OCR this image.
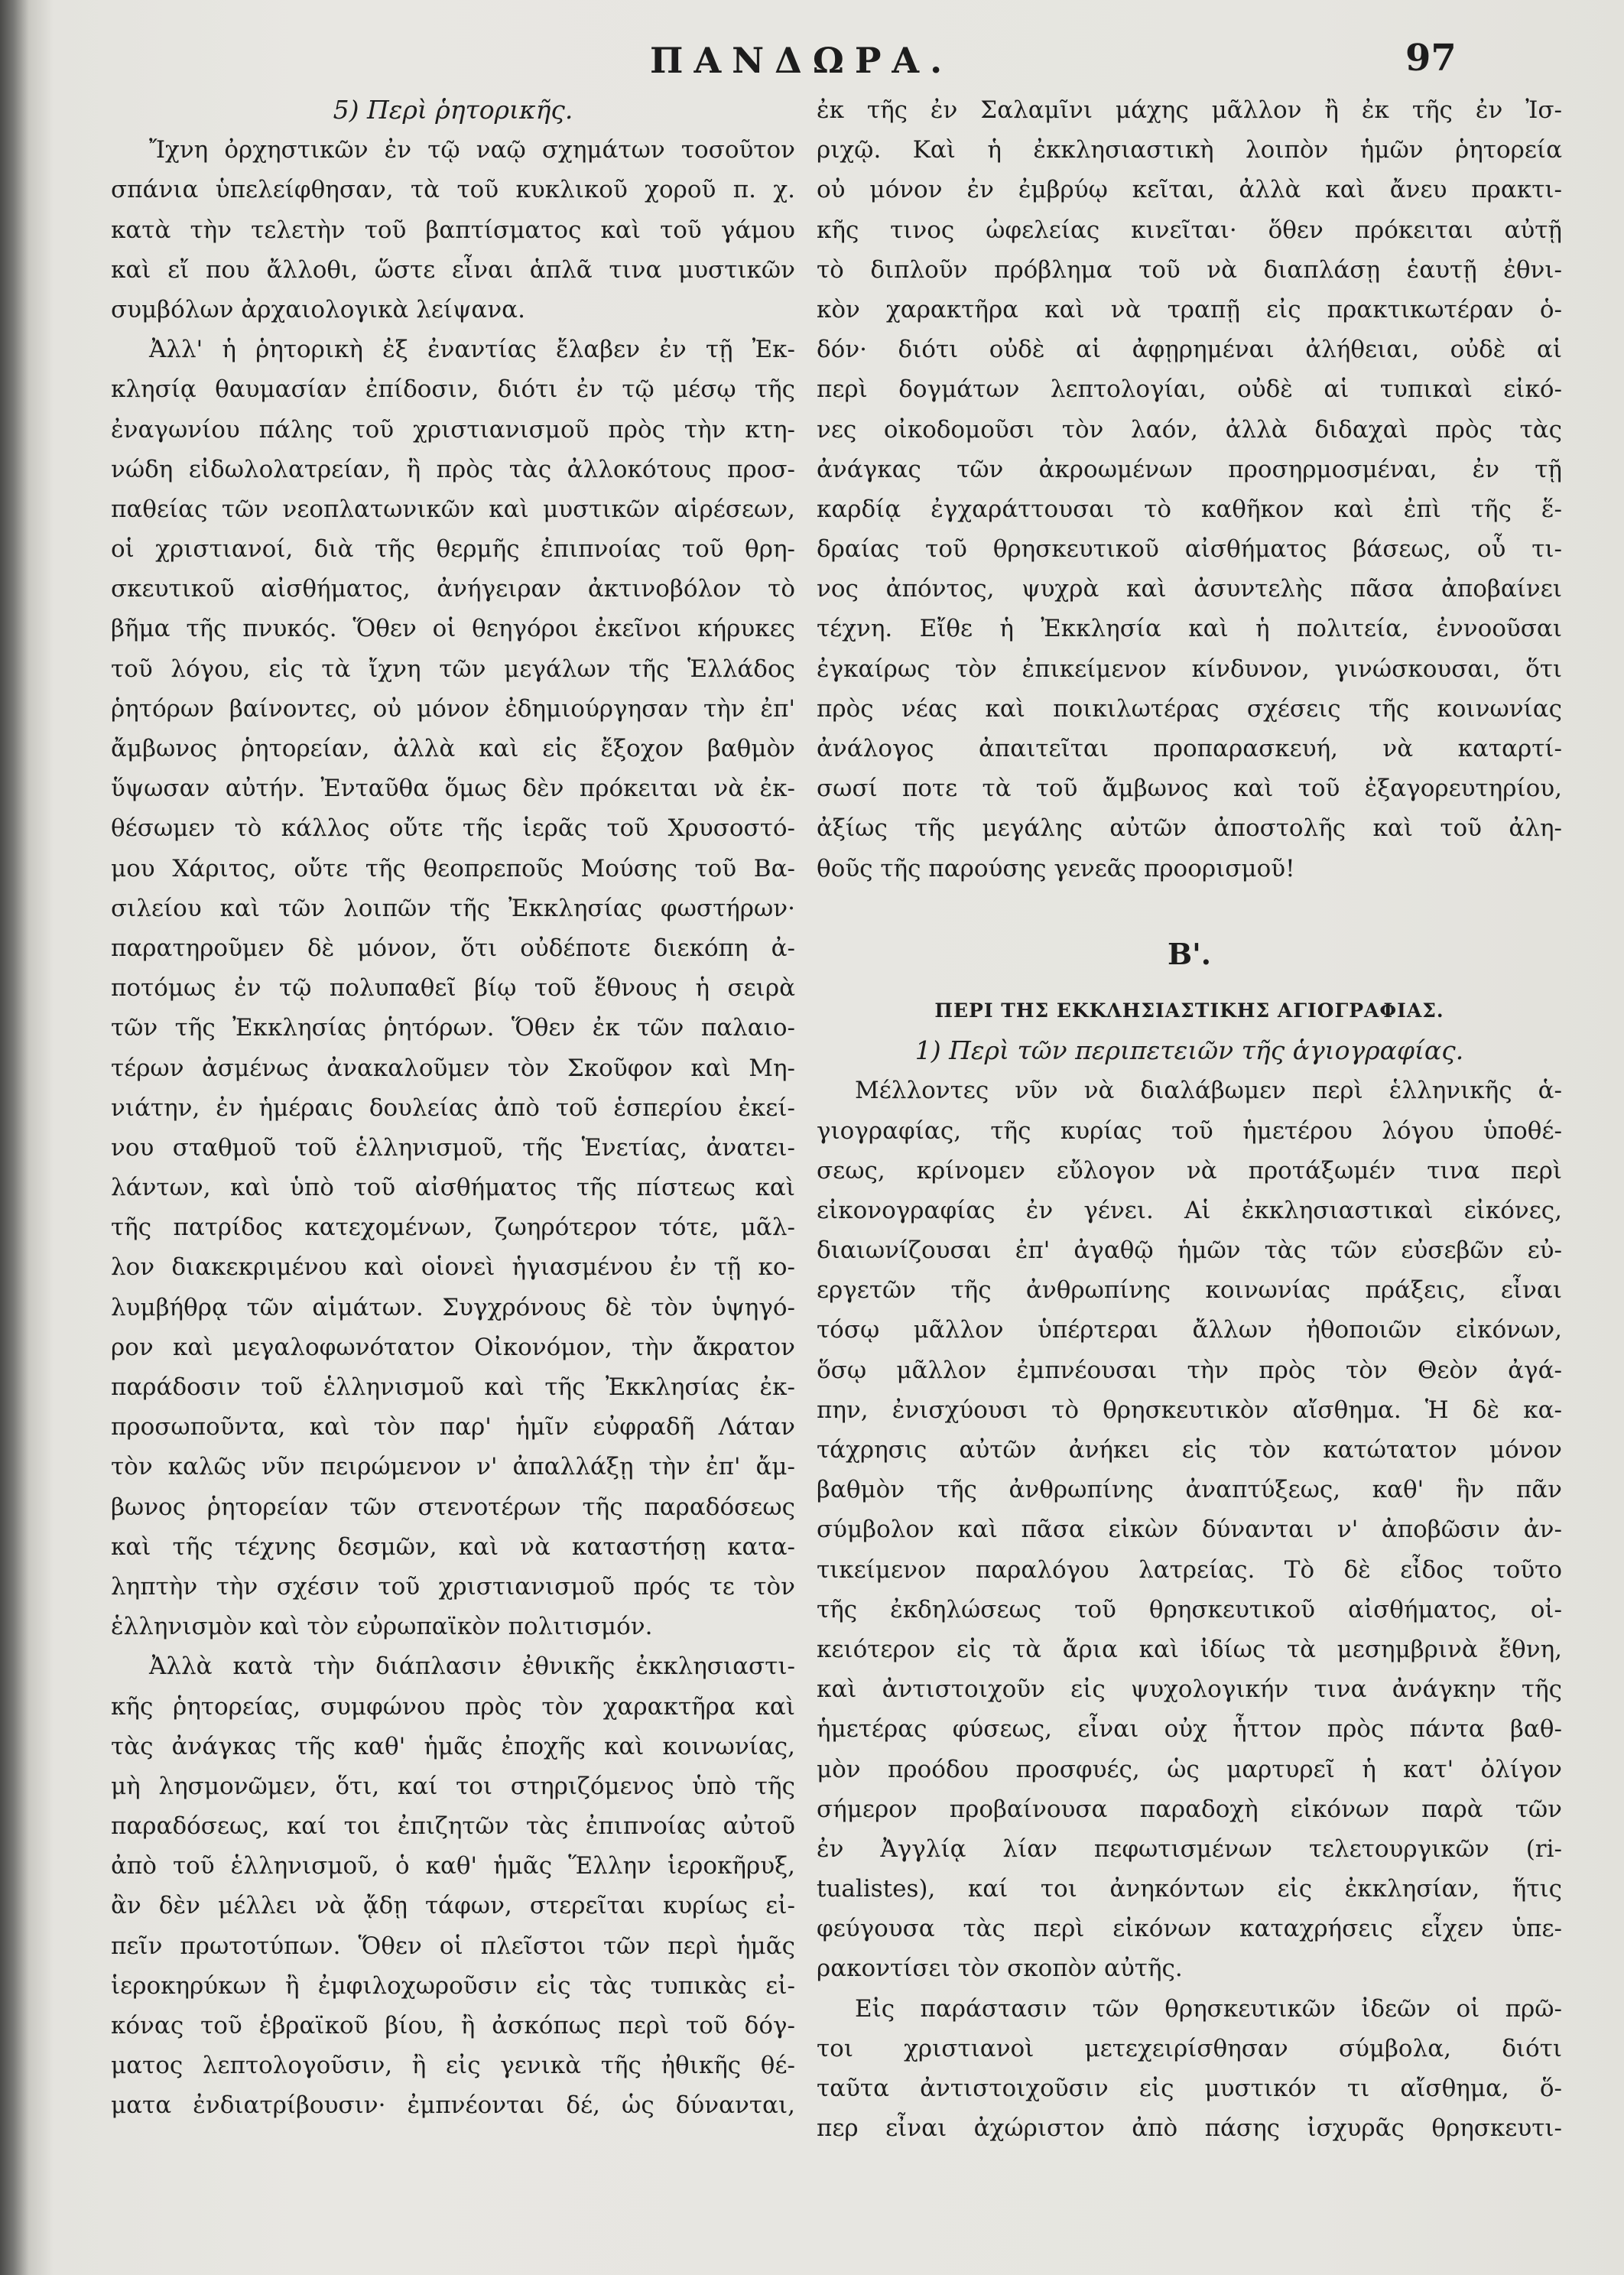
ΠΑΝΔΩΡΑ.	97
5) Περὶ ῥητορικῆς.
Ἴχνη ὀρχηστικῶν ἐν τῷ ναῷ σχημάτων τοσοῦτον
σπάνια ὑπελείφθησαν, τὰ τοῦ κυκλικοῦ χοροῦ π. χ.
κατὰ τὴν τελετὴν τοῦ βαπτίσματος καὶ τοῦ γάμου
καὶ εἴ που ἄλλοθι, ὥστε εἶναι ἁπλᾶ τινα μυστικῶν
συμβόλων ἀρχαιολογικὰ λείψανα.
Ἀλλ' ἡ ῥητορικὴ ἐξ ἐναντίας ἔλαβεν ἐν τῇ Ἐκ-
κλησίᾳ θαυμασίαν ἐπίδοσιν, διότι ἐν τῷ μέσῳ τῆς
ἐναγωνίου πάλης τοῦ χριστιανισμοῦ πρὸς τὴν κτη-
νώδη εἰδωλολατρείαν, ἢ πρὸς τὰς ἀλλοκότους προσ-
παθείας τῶν νεοπλατωνικῶν καὶ μυστικῶν αἱρέσεων,
οἱ χριστιανοί, διὰ τῆς θερμῆς ἐπιπνοίας τοῦ θρη-
σκευτικοῦ αἰσθήματος, ἀνήγειραν ἀκτινοβόλον τὸ
βῆμα τῆς πνυκός. Ὅθεν οἱ θεηγόροι ἐκεῖνοι κήρυκες
τοῦ λόγου, εἰς τὰ ἴχνη τῶν μεγάλων τῆς Ἑλλάδος
ῥητόρων βαίνοντες, οὐ μόνον ἐδημιούργησαν τὴν ἐπ'
ἄμβωνος ῥητορείαν, ἀλλὰ καὶ εἰς ἔξοχον βαθμὸν
ὕψωσαν αὐτήν. Ἐνταῦθα ὅμως δὲν πρόκειται νὰ ἐκ-
θέσωμεν τὸ κάλλος οὔτε τῆς ἱερᾶς τοῦ Χρυσοστό-
μου Χάριτος, οὔτε τῆς θεοπρεποῦς Μούσης τοῦ Βα-
σιλείου καὶ τῶν λοιπῶν τῆς Ἐκκλησίας φωστήρων·
παρατηροῦμεν δὲ μόνον, ὅτι οὐδέποτε διεκόπη ἀ-
ποτόμως ἐν τῷ πολυπαθεῖ βίῳ τοῦ ἔθνους ἡ σειρὰ
τῶν τῆς Ἐκκλησίας ῥητόρων. Ὅθεν ἐκ τῶν παλαιο-
τέρων ἀσμένως ἀνακαλοῦμεν τὸν Σκοῦφον καὶ Μη-
νιάτην, ἐν ἡμέραις δουλείας ἀπὸ τοῦ ἑσπερίου ἐκεί-
νου σταθμοῦ τοῦ ἑλληνισμοῦ, τῆς Ἑνετίας, ἀνατει-
λάντων, καὶ ὑπὸ τοῦ αἰσθήματος τῆς πίστεως καὶ
τῆς πατρίδος κατεχομένων, ζωηρότερον τότε, μᾶλ-
λον διακεκριμένου καὶ οἱονεὶ ἡγιασμένου ἐν τῇ κο-
λυμβήθρᾳ τῶν αἱμάτων. Συγχρόνους δὲ τὸν ὑψηγό-
ρον καὶ μεγαλοφωνότατον Οἰκονόμον, τὴν ἄκρατον
παράδοσιν τοῦ ἑλληνισμοῦ καὶ τῆς Ἐκκλησίας ἐκ-
προσωποῦντα, καὶ τὸν παρ' ἡμῖν εὐφραδῆ Λάταν
τὸν καλῶς νῦν πειρώμενον ν' ἀπαλλάξῃ τὴν ἐπ' ἄμ-
βωνος ῥητορείαν τῶν στενοτέρων τῆς παραδόσεως
καὶ τῆς τέχνης δεσμῶν, καὶ νὰ καταστήσῃ κατα-
ληπτὴν τὴν σχέσιν τοῦ χριστιανισμοῦ πρός τε τὸν
ἑλληνισμὸν καὶ τὸν εὐρωπαϊκὸν πολιτισμόν.
Ἀλλὰ κατὰ τὴν διάπλασιν ἐθνικῆς ἐκκλησιαστι-
κῆς ῥητορείας, συμφώνου πρὸς τὸν χαρακτῆρα καὶ
τὰς ἀνάγκας τῆς καθ' ἡμᾶς ἐποχῆς καὶ κοινωνίας,
μὴ λησμονῶμεν, ὅτι, καί τοι στηριζόμενος ὑπὸ τῆς
παραδόσεως, καί τοι ἐπιζητῶν τὰς ἐπιπνοίας αὐτοῦ
ἀπὸ τοῦ ἑλληνισμοῦ, ὁ καθ' ἡμᾶς Ἕλλην ἱεροκῆρυξ,
ἂν δὲν μέλλει νὰ ᾄδῃ τάφων, στερεῖται κυρίως εἰ-
πεῖν πρωτοτύπων. Ὅθεν οἱ πλεῖστοι τῶν περὶ ἡμᾶς
ἱεροκηρύκων ἢ ἐμφιλοχωροῦσιν εἰς τὰς τυπικὰς εἰ-
κόνας τοῦ ἑβραϊκοῦ βίου, ἢ ἀσκόπως περὶ τοῦ δόγ-
ματος λεπτολογοῦσιν, ἢ εἰς γενικὰ τῆς ἠθικῆς θέ-
ματα ἐνδιατρίβουσιν· ἐμπνέονται δέ, ὡς δύνανται,
ἐκ τῆς ἐν Σαλαμῖνι μάχης μᾶλλον ἢ ἐκ τῆς ἐν Ἰσ-
ριχῷ. Καὶ ἡ ἐκκλησιαστικὴ λοιπὸν ἡμῶν ῥητορεία
οὐ μόνον ἐν ἐμβρύῳ κεῖται, ἀλλὰ καὶ ἄνευ πρακτι-
κῆς τινος ὠφελείας κινεῖται· ὅθεν πρόκειται αὐτῇ
τὸ διπλοῦν πρόβλημα τοῦ νὰ διαπλάσῃ ἑαυτῇ ἐθνι-
κὸν χαρακτῆρα καὶ νὰ τραπῇ εἰς πρακτικωτέραν ὁ-
δόν· διότι οὐδὲ αἱ ἀφῃρημέναι ἀλήθειαι, οὐδὲ αἱ
περὶ δογμάτων λεπτολογίαι, οὐδὲ αἱ τυπικαὶ εἰκό-
νες οἰκοδομοῦσι τὸν λαόν, ἀλλὰ διδαχαὶ πρὸς τὰς
ἀνάγκας τῶν ἀκροωμένων προσηρμοσμέναι, ἐν τῇ
καρδίᾳ ἐγχαράττουσαι τὸ καθῆκον καὶ ἐπὶ τῆς ἕ-
δραίας τοῦ θρησκευτικοῦ αἰσθήματος βάσεως, οὗ τι-
νος ἀπόντος, ψυχρὰ καὶ ἀσυντελὴς πᾶσα ἀποβαίνει
τέχνη. Εἴθε ἡ Ἐκκλησία καὶ ἡ πολιτεία, ἐννοοῦσαι
ἐγκαίρως τὸν ἐπικείμενον κίνδυνον, γινώσκουσαι, ὅτι
πρὸς νέας καὶ ποικιλωτέρας σχέσεις τῆς κοινωνίας
ἀνάλογος ἀπαιτεῖται προπαρασκευή, νὰ καταρτί-
σωσί ποτε τὰ τοῦ ἄμβωνος καὶ τοῦ ἐξαγορευτηρίου,
ἀξίως τῆς μεγάλης αὐτῶν ἀποστολῆς καὶ τοῦ ἀλη-
θοῦς τῆς παρούσης γενεᾶς προορισμοῦ!
Β'.
ΠΕΡΙ ΤΗΣ ΕΚΚΛΗΣΙΑΣΤΙΚΗΣ ΑΓΙΟΓΡΑΦΙΑΣ.
1) Περὶ τῶν περιπετειῶν τῆς ἁγιογραφίας.
Μέλλοντες νῦν νὰ διαλάβωμεν περὶ ἑλληνικῆς ἁ-
γιογραφίας, τῆς κυρίας τοῦ ἡμετέρου λόγου ὑποθέ-
σεως, κρίνομεν εὔλογον νὰ προτάξωμέν τινα περὶ
εἰκονογραφίας ἐν γένει. Αἱ ἐκκλησιαστικαὶ εἰκόνες,
διαιωνίζουσαι ἐπ' ἀγαθῷ ἡμῶν τὰς τῶν εὐσεβῶν εὐ-
εργετῶν τῆς ἀνθρωπίνης κοινωνίας πράξεις, εἶναι
τόσῳ μᾶλλον ὑπέρτεραι ἄλλων ἠθοποιῶν εἰκόνων,
ὅσῳ μᾶλλον ἐμπνέουσαι τὴν πρὸς τὸν Θεὸν ἀγά-
πην, ἐνισχύουσι τὸ θρησκευτικὸν αἴσθημα. Ἡ δὲ κα-
τάχρησις αὐτῶν ἀνήκει εἰς τὸν κατώτατον μόνον
βαθμὸν τῆς ἀνθρωπίνης ἀναπτύξεως, καθ' ἣν πᾶν
σύμβολον καὶ πᾶσα εἰκὼν δύνανται ν' ἀποβῶσιν ἀν-
τικείμενον παραλόγου λατρείας. Τὸ δὲ εἶδος τοῦτο
τῆς ἐκδηλώσεως τοῦ θρησκευτικοῦ αἰσθήματος, οἰ-
κειότερον εἰς τὰ ἄρια καὶ ἰδίως τὰ μεσημβρινὰ ἔθνη,
καὶ ἀντιστοιχοῦν εἰς ψυχολογικήν τινα ἀνάγκην τῆς
ἡμετέρας φύσεως, εἶναι οὐχ ἧττον πρὸς πάντα βαθ-
μὸν προόδου προσφυές, ὡς μαρτυρεῖ ἡ κατ' ὀλίγον
σήμερον προβαίνουσα παραδοχὴ εἰκόνων παρὰ τῶν
ἐν Ἀγγλίᾳ λίαν πεφωτισμένων τελετουργικῶν (ri-
tualistes), καί τοι ἀνηκόντων εἰς ἐκκλησίαν, ἥτις
φεύγουσα τὰς περὶ εἰκόνων καταχρήσεις εἶχεν ὑπε-
ρακοντίσει τὸν σκοπὸν αὐτῆς.
Εἰς παράστασιν τῶν θρησκευτικῶν ἰδεῶν οἱ πρῶ-
τοι χριστιανοὶ μετεχειρίσθησαν σύμβολα, διότι
ταῦτα ἀντιστοιχοῦσιν εἰς μυστικόν τι αἴσθημα, ὅ-
περ εἶναι ἀχώριστον ἀπὸ πάσης ἰσχυρᾶς θρησκευτι-
